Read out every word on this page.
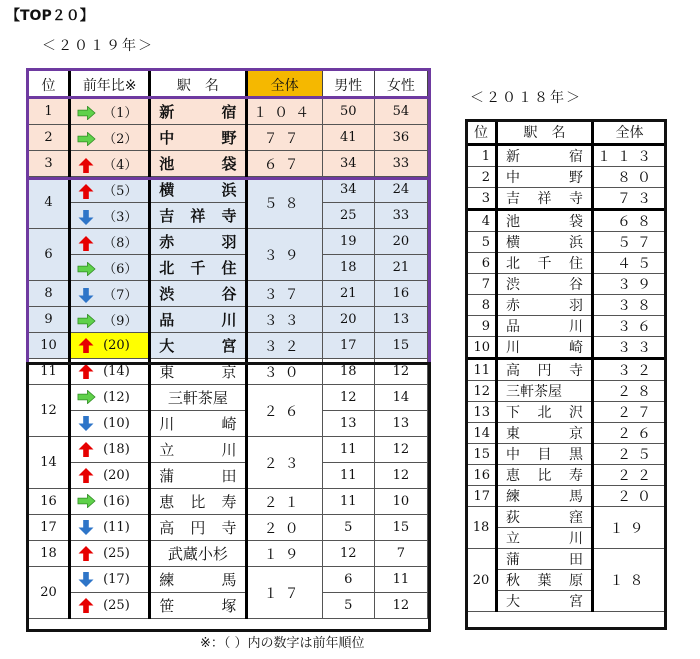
【TOP２０】
＜２０１９年＞
＜２０１８年＞
位	前年比※	駅　名	全体	男性	女性
1	（1）	新 宿	１０４	50	54
2	（2）	中 野	７７	41	36
3	（4）	池 袋	６７	34	33
4	（5）	横 浜	５８	34	24
	（3）	吉 祥 寺		25	33
6	（8）	赤 羽	３９	19	20
	（6）	北 千 住		18	21
8	（7）	渋 谷	３７	21	16
9	（9）	品 川	３３	20	13
10	(20)	大 宮	３２	17	15
11	(14)	東 京	３０	18	12
12	(12)	三軒茶屋	２６	12	14
	(10)	川 崎		13	13
14	(18)	立 川	２３	11	12
	(20)	蒲 田		11	12
16	(16)	恵 比 寿	２１	11	10
17	(11)	高 円 寺	２０	5	15
18	(25)	武蔵小杉	１９	12	7
20	(17)	練 馬	１７	6	11
	(25)	笹 塚		5	12
※：（ ）内の数字は前年順位
位	駅　名	全体
1	新 宿	１１３
2	中 野	８０
3	吉 祥 寺	７３
4	池 袋	６８
5	横 浜	５７
6	北 千 住	４５
7	渋 谷	３９
8	赤 羽	３８
9	品 川	３６
10	川 崎	３３
11	高 円 寺	３２
12	三軒茶屋	２８
13	下 北 沢	２７
14	東 京	２６
15	中 目 黒	２５
16	恵 比 寿	２２
17	練 馬	２０
18	荻 窪	１９

	立 川	

20	蒲 田	１８

	秋 葉 原	

	大 宮	
